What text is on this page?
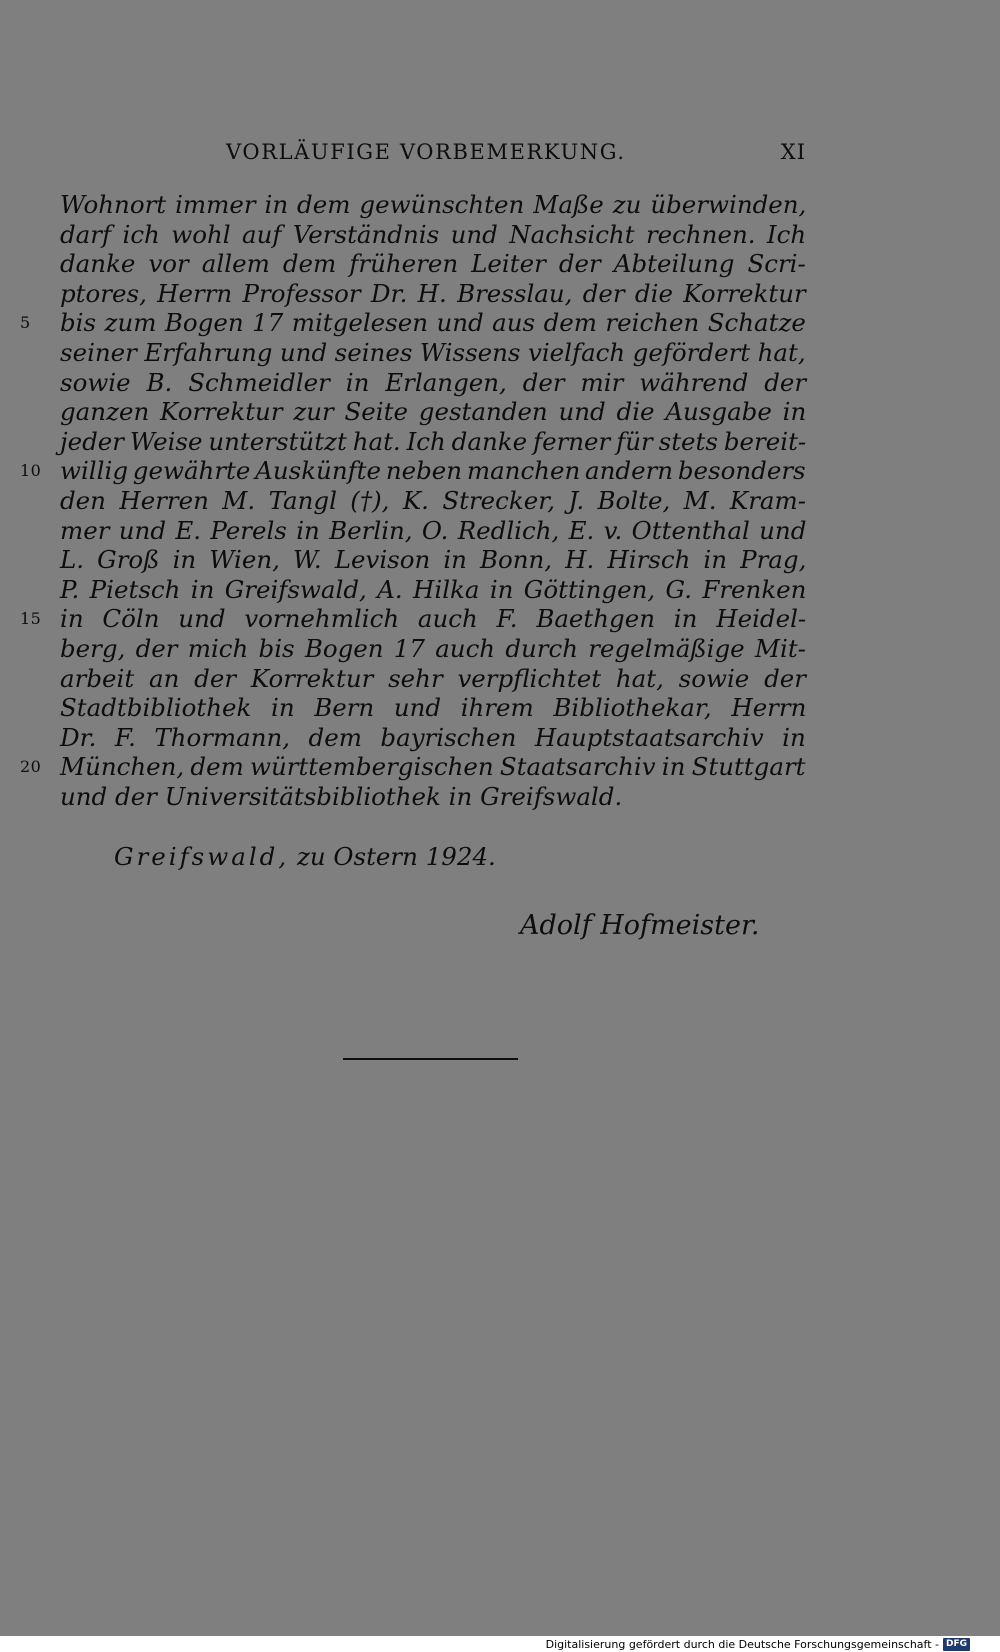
VORLÄUFIGE VORBEMERKUNG.	XI
Wohnort immer in dem gewünschten Maße zu überwinden,
darf ich wohl auf Verständnis und Nachsicht rechnen. Ich
danke vor allem dem früheren Leiter der Abteilung Scri-
ptores, Herrn Professor Dr. H. Bresslau, der die Korrektur
5	bis zum Bogen 17 mitgelesen und aus dem reichen Schatze
seiner Erfahrung und seines Wissens vielfach gefördert hat,
sowie B. Schmeidler in Erlangen, der mir während der
ganzen Korrektur zur Seite gestanden und die Ausgabe in
jeder Weise unterstützt hat. Ich danke ferner für stets bereit-
10 willig gewährte Auskünfte neben manchen andern besonders
den Herren M. Tangl (†), K. Strecker, J. Bolte, M. Kram-
mer und E. Perels in Berlin, O. Redlich, E. v. Ottenthal und
L. Groß in Wien, W. Levison in Bonn, H. Hirsch in Prag,
P. Pietsch in Greifswald, A. Hilka in Göttingen, G. Frenken
15 in Cöln und vornehmlich auch F. Baethgen in Heidel-
berg, der mich bis Bogen 17 auch durch regelmäßige Mit-
arbeit an der Korrektur sehr verpflichtet hat, sowie der
Stadtbibliothek in Bern und ihrem Bibliothekar, Herrn
Dr. F. Thormann, dem bayrischen Hauptstaatsarchiv in
20 München, dem württembergischen Staatsarchiv in Stuttgart
und der Universitätsbibliothek in Greifswald.
Greifswald, zu Ostern 1924.
Adolf Hofmeister.
Digitalisierung gefördert durch die Deutsche Forschungsgemeinschaft - DFG
